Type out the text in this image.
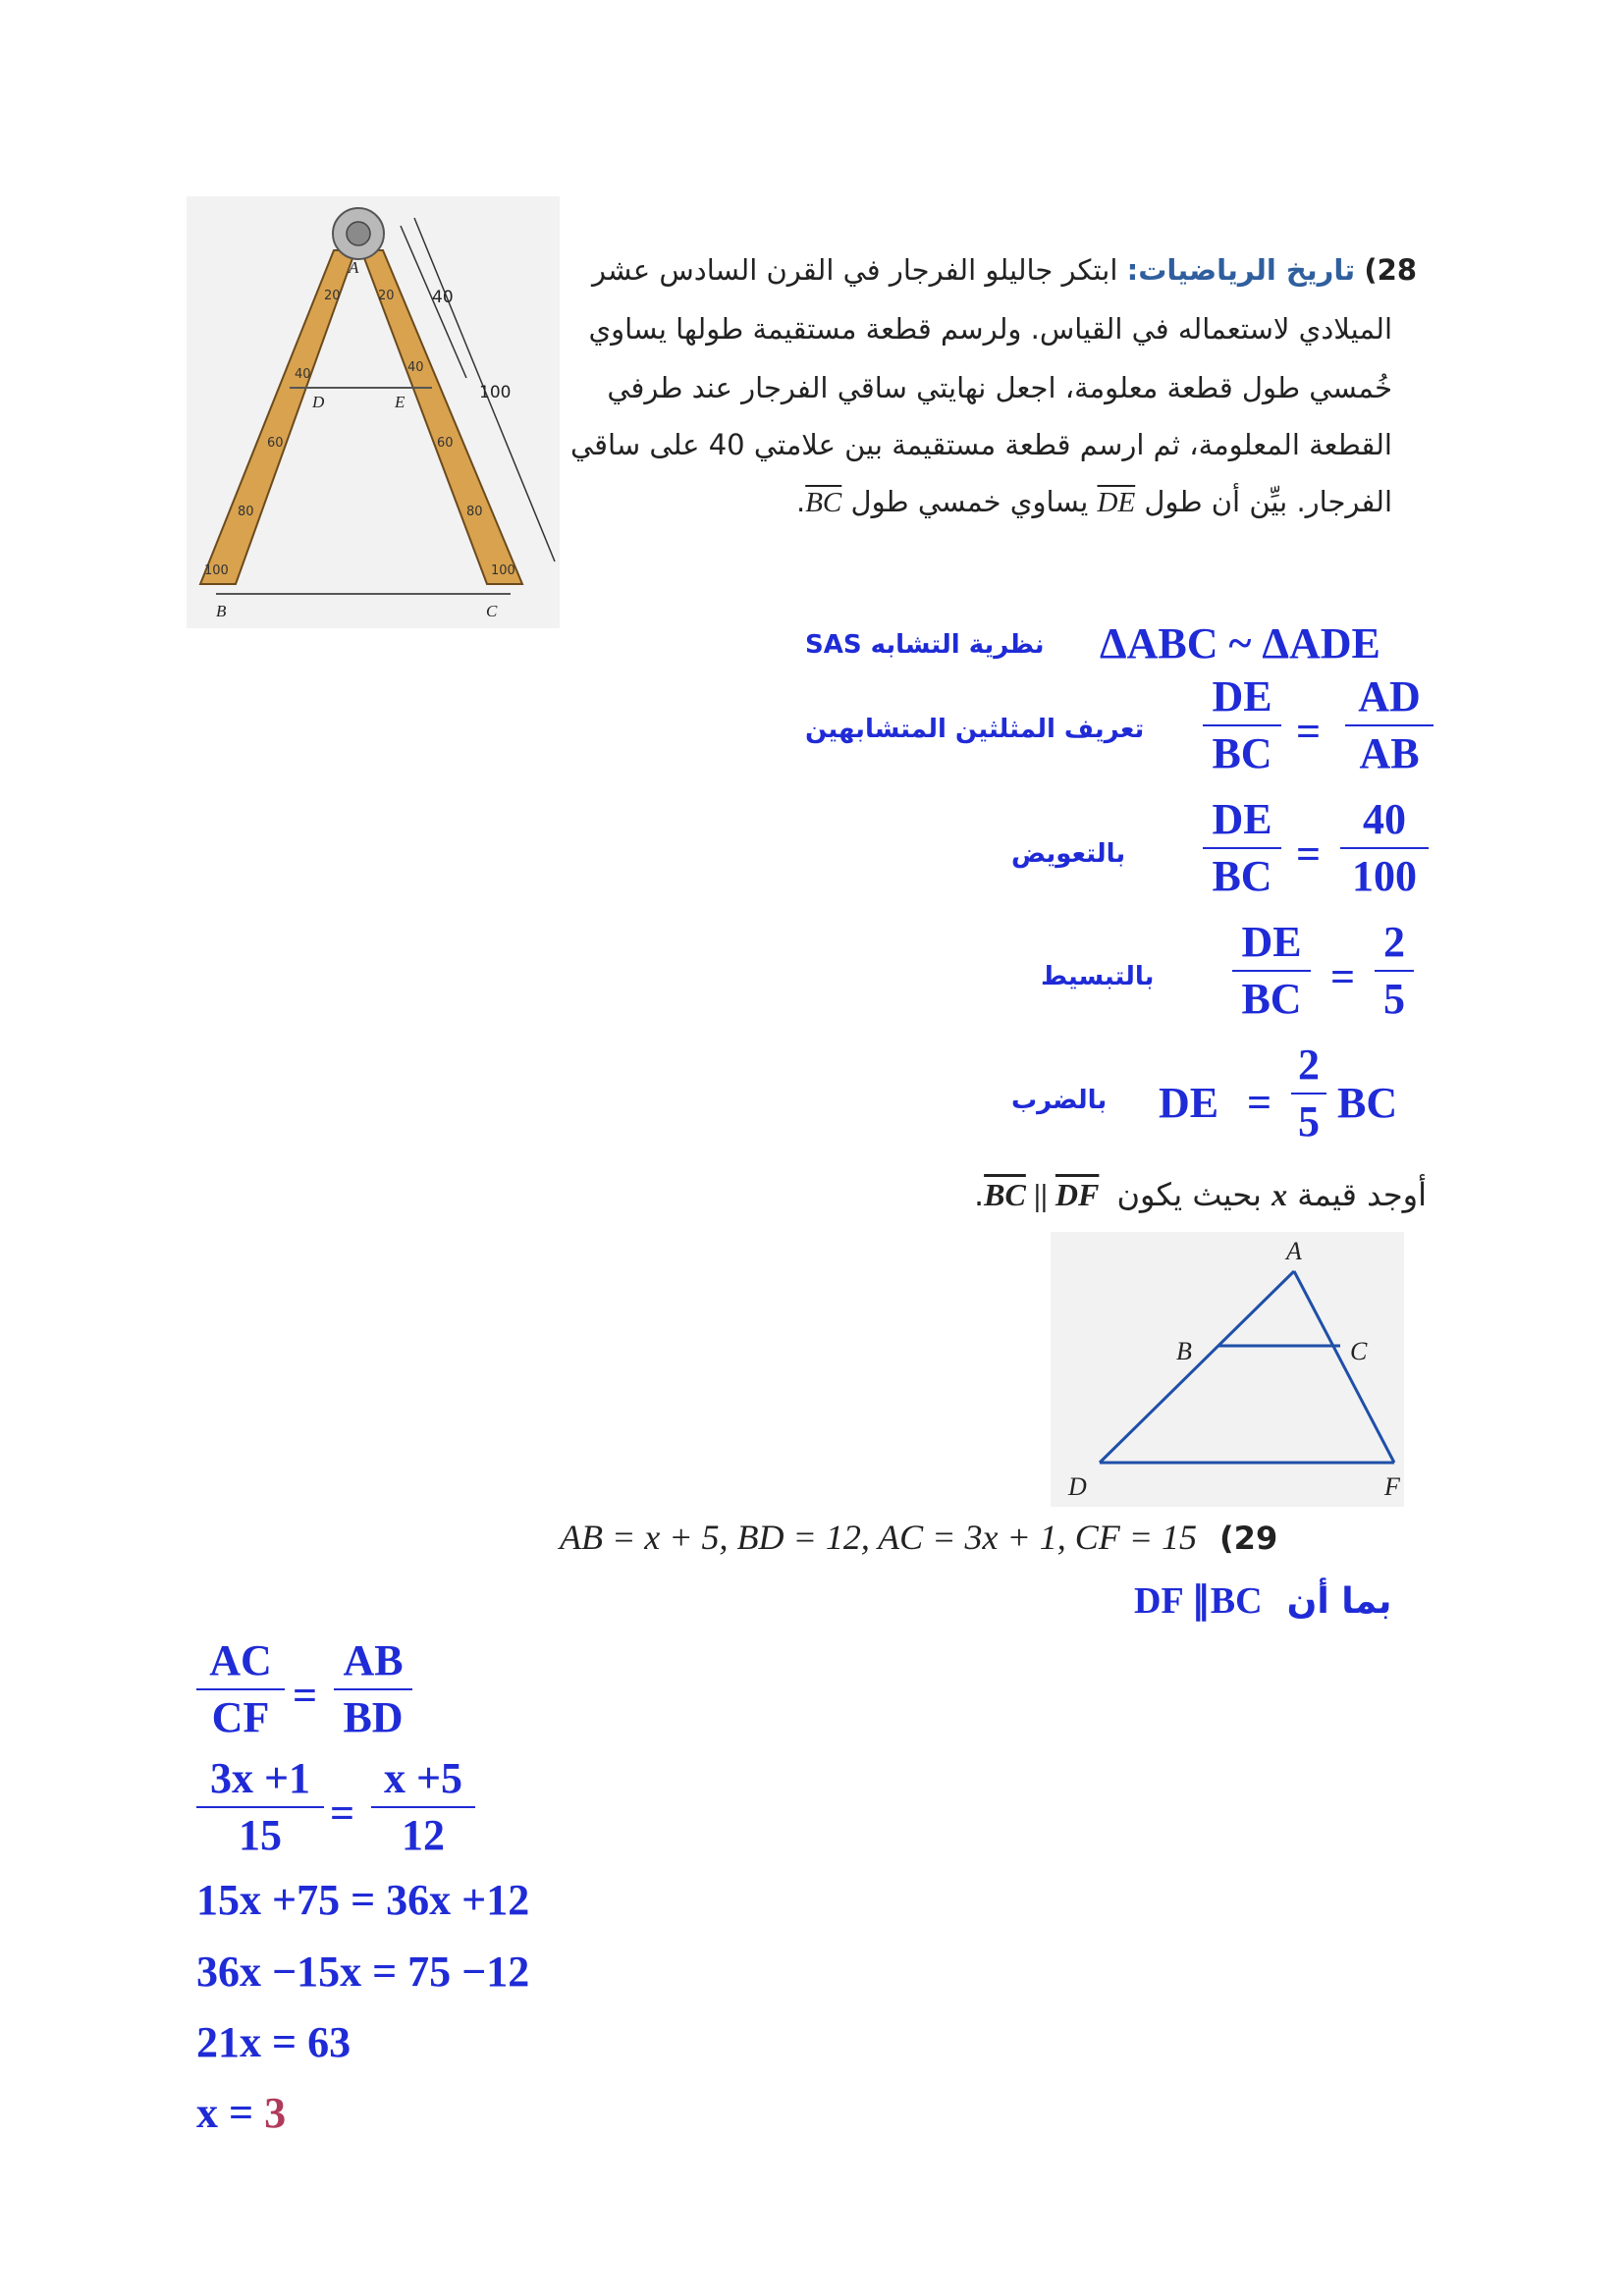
20
40
60
80
100
20
40
60
80
100
A
D	E
B	C
40
100
28) تاريخ الرياضيات: ابتكر جاليلو الفرجار في القرن السادس عشر
الميلادي لاستعماله في القياس. ولرسم قطعة مستقيمة طولها يساوي
خُمسي طول قطعة معلومة، اجعل نهايتي ساقي الفرجار عند طرفي
القطعة المعلومة، ثم ارسم قطعة مستقيمة بين علامتي 40 على ساقي
الفرجار. بيِّن أن طول DE يساوي خمسي طول BC.
ΔABC ~ ΔADE
نظرية التشابه SAS
DE
BC =
AD
AB
تعريف المثلثين المتشابهين
DE
BC =
40
100
بالتعويض
DE
BC =
2
5
بالتبسيط
DE =
2
5 BC
بالضرب
أوجد قيمة x بحيث يكون $\overline{BC}$ || $\overline{DF}$ .
A
B	C
D	F
AB = x + 5, BD = 12, AC = 3x + 1, CF = 15 (29
DF ∥BC بما أن
AC
CF =
AB
BD
3x +1
15	=
x +5
12
15x +75 = 36x +12
36x −15x = 75 −12
21x = 63
x = 3
